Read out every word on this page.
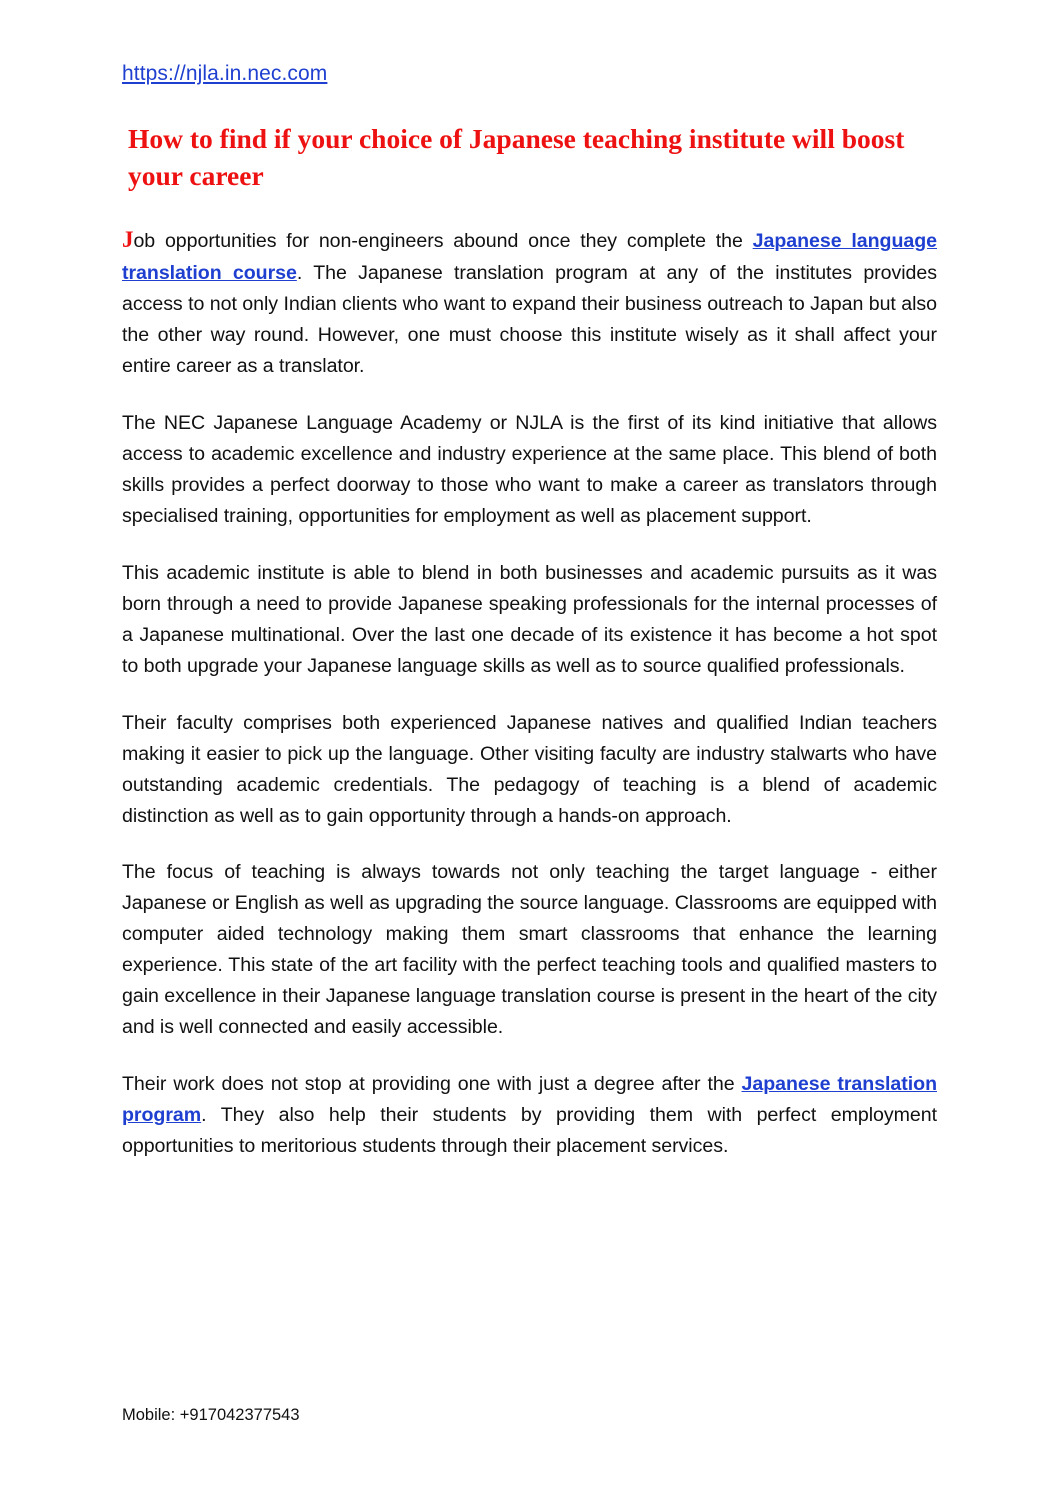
https://njla.in.nec.com
How to find if your choice of Japanese teaching institute will boost your career

Job opportunities for non-engineers abound once they complete the Japanese language translation course. The Japanese translation program at any of the institutes provides access to not only Indian clients who want to expand their business outreach to Japan but also the other way round. However, one must choose this institute wisely as it shall affect your entire career as a translator.

The NEC Japanese Language Academy or NJLA is the first of its kind initiative that allows access to academic excellence and industry experience at the same place. This blend of both skills provides a perfect doorway to those who want to make a career as translators through specialised training, opportunities for employment as well as placement support.

This academic institute is able to blend in both businesses and academic pursuits as it was born through a need to provide Japanese speaking professionals for the internal processes of a Japanese multinational. Over the last one decade of its existence it has become a hot spot to both upgrade your Japanese language skills as well as to source qualified professionals.

Their faculty comprises both experienced Japanese natives and qualified Indian teachers making it easier to pick up the language. Other visiting faculty are industry stalwarts who have outstanding academic credentials. The pedagogy of teaching is a blend of academic distinction as well as to gain opportunity through a hands-on approach.

The focus of teaching is always towards not only teaching the target language - either Japanese or English as well as upgrading the source language. Classrooms are equipped with computer aided technology making them smart classrooms that enhance the learning experience. This state of the art facility with the perfect teaching tools and qualified masters to gain excellence in their Japanese language translation course is present in the heart of the city and is well connected and easily accessible.

Their work does not stop at providing one with just a degree after the Japanese translation program. They also help their students by providing them with perfect employment opportunities to meritorious students through their placement services.

Mobile: +917042377543
